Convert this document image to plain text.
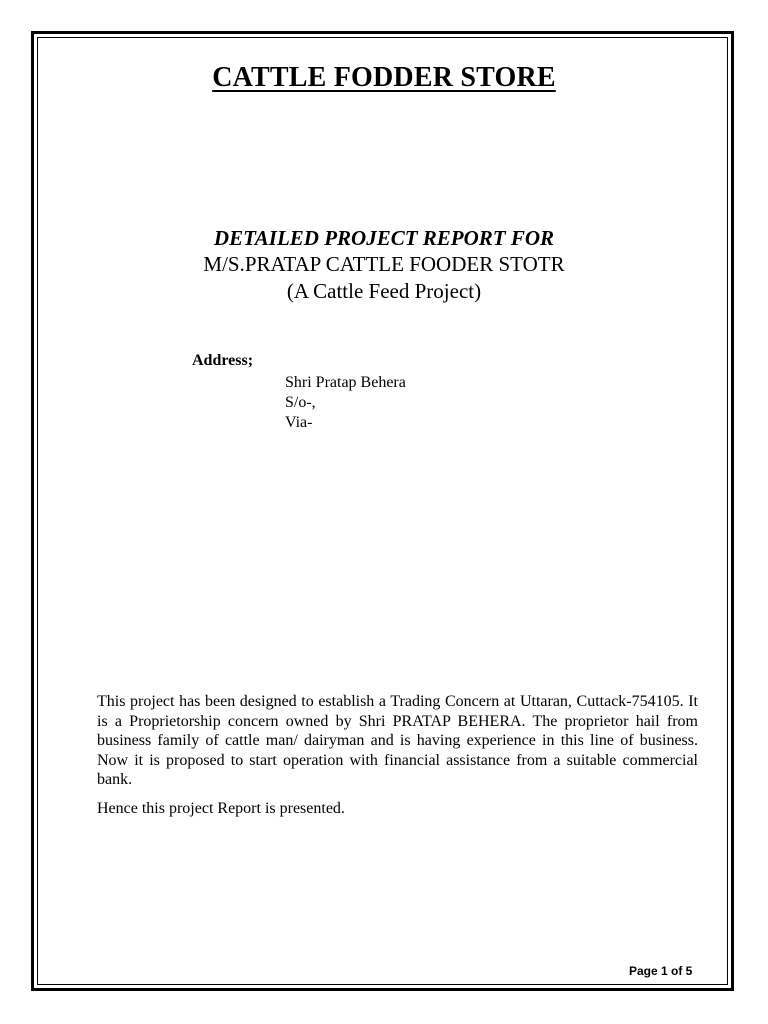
CATTLE FODDER STORE
DETAILED PROJECT REPORT FOR
M/S.PRATAP CATTLE FOODER STOTR
(A Cattle Feed Project)
Address;
Shri Pratap Behera
S/o-,
Via-
This project has been designed to establish a Trading Concern at Uttaran, Cuttack-754105. It is a Proprietorship concern owned by Shri PRATAP BEHERA. The proprietor hail from business family of cattle man/ dairyman and is having experience in this line of business. Now it is proposed to start operation with financial assistance from a suitable commercial bank.
Hence this project Report is presented.
Page 1 of 5
